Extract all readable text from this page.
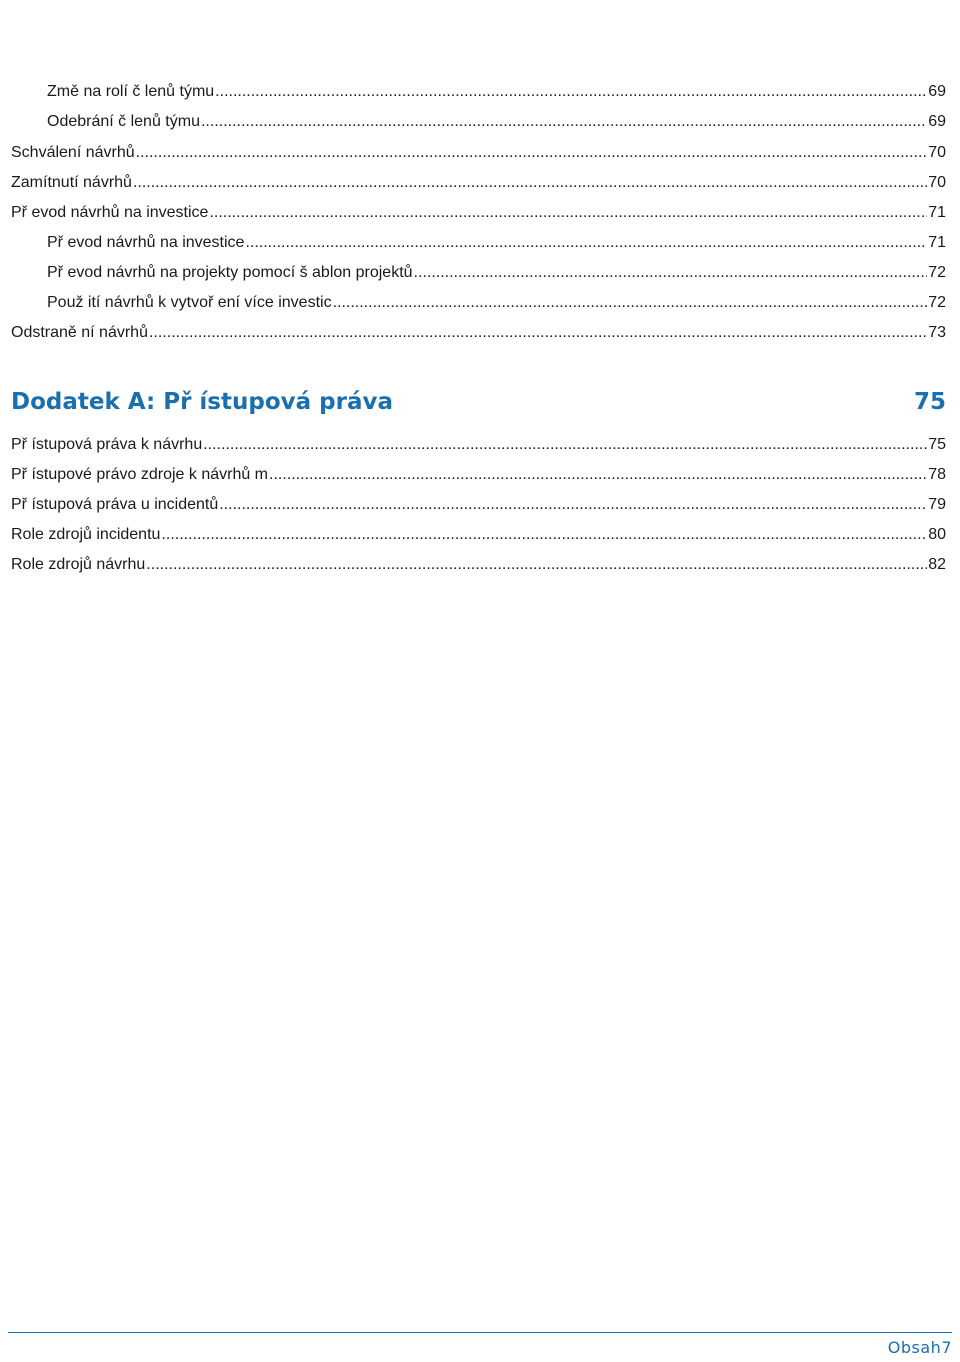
Změ na rolí č lenů týmu .....	69
Odebrání č lenů týmu .....	69
Schválení návrhů .....	70
Zamítnutí návrhů .....	70
Př evod návrhů na investice .....	71
Př evod návrhů na investice .....	71
Př evod návrhů na projekty pomocí š ablon projektů .....	72
Použ ití návrhů k vytvoř ení více investic .....	72
Odstraně ní návrhů .....	73
Dodatek A: Př ístupová práva	75
Př ístupová práva k návrhu .....	75
Př ístupové právo zdroje k návrhů m .....	78
Př ístupová práva u incidentů .....	79
Role zdrojů incidentu .....	80
Role zdrojů návrhu .....	82
Obsah7
